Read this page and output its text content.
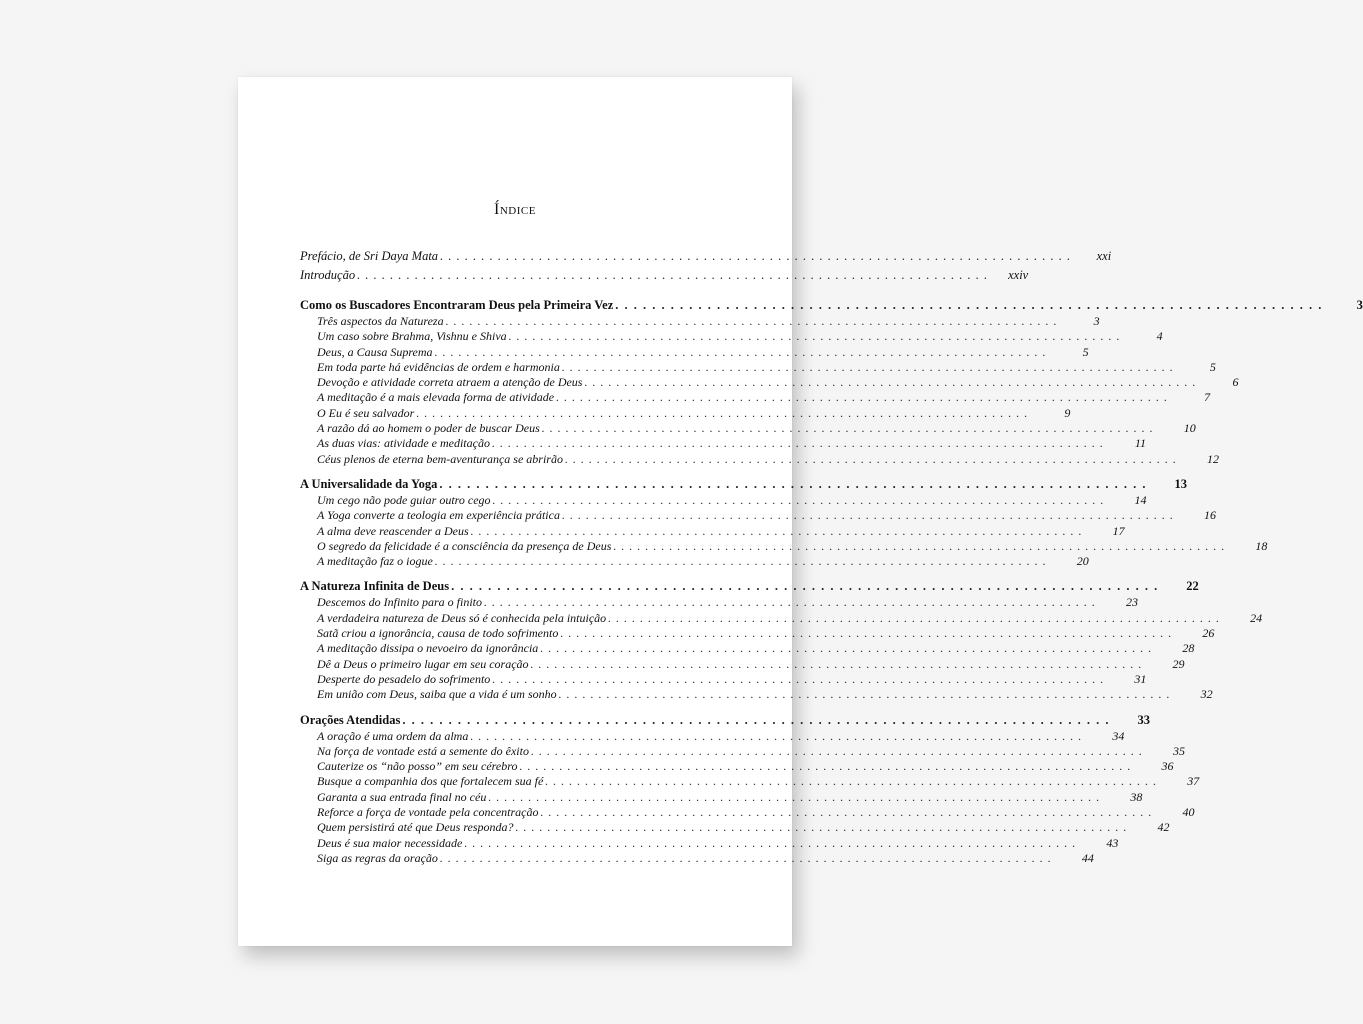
Índice
Prefácio, de Sri Daya Mata . . .	xxi
Introdução . . .	xxiv
Como os Buscadores Encontraram Deus pela Primeira Vez . . .	3
Três aspectos da Natureza . . .	3
Um caso sobre Brahma, Vishnu e Shiva . . .	4
Deus, a Causa Suprema . . .	5
Em toda parte há evidências de ordem e harmonia . . .	5
Devoção e atividade correta atraem a atenção de Deus . . .	6
A meditação é a mais elevada forma de atividade . . .	7
O Eu é seu salvador . . .	9
A razão dá ao homem o poder de buscar Deus . . .	10
As duas vias: atividade e meditação . . .	11
Céus plenos de eterna bem-aventurança se abrirão . . .	12
A Universalidade da Yoga . . .	13
Um cego não pode guiar outro cego . . .	14
A Yoga converte a teologia em experiência prática . . .	16
A alma deve reascender a Deus . . .	17
O segredo da felicidade é a consciência da presença de Deus . . .	18
A meditação faz o iogue . . .	20
A Natureza Infinita de Deus . . .	22
Descemos do Infinito para o finito . . .	23
A verdadeira natureza de Deus só é conhecida pela intuição . . .	24
Satã criou a ignorância, causa de todo sofrimento . . .	26
A meditação dissipa o nevoeiro da ignorância . . .	28
Dê a Deus o primeiro lugar em seu coração . . .	29
Desperte do pesadelo do sofrimento . . .	31
Em união com Deus, saiba que a vida é um sonho . . .	32
Orações Atendidas . . .	33
A oração é uma ordem da alma . . .	34
Na força de vontade está a semente do êxito . . .	35
Cauterize os “não posso” em seu cérebro . . .	36
Busque a companhia dos que fortalecem sua fé . . .	37
Garanta a sua entrada final no céu . . .	38
Reforce a força de vontade pela concentração . . .	40
Quem persistirá até que Deus responda? . . .	42
Deus é sua maior necessidade . . .	43
Siga as regras da oração . . .	44
